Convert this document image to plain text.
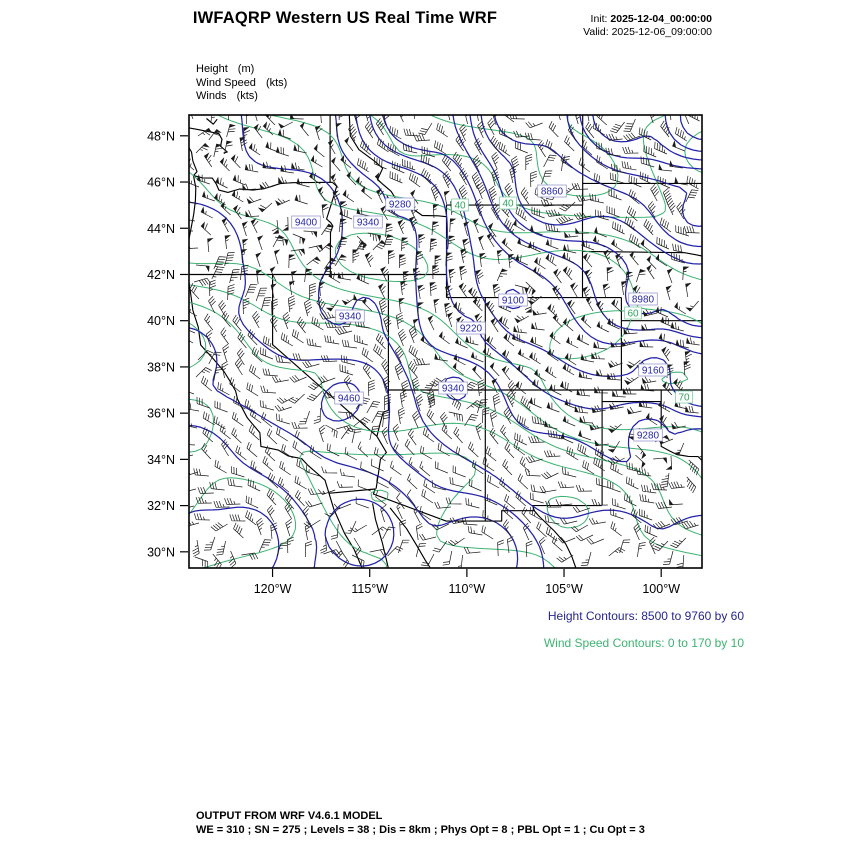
120°W	115°W	110°W	105°W	100°W
48°N
46°N
44°N
42°N
40°N
38°N
36°N
34°N
32°N
30°N
9400	9340
9280
8860
9340
9100	8980
9220
9460
9340
9160
9280
40	40
60
70
IWFAQRP Western US Real Time WRF	Init: 2025-12-04_00:00:00
Valid: 2025-12-06_09:00:00
Height (m)
Wind Speed (kts)
Winds (kts)
Height Contours: 8500 to 9760 by 60
Wind Speed Contours: 0 to 170 by 10
OUTPUT FROM WRF V4.6.1 MODEL
WE = 310 ; SN = 275 ; Levels = 38 ; Dis = 8km ; Phys Opt = 8 ; PBL Opt = 1 ; Cu Opt = 3
